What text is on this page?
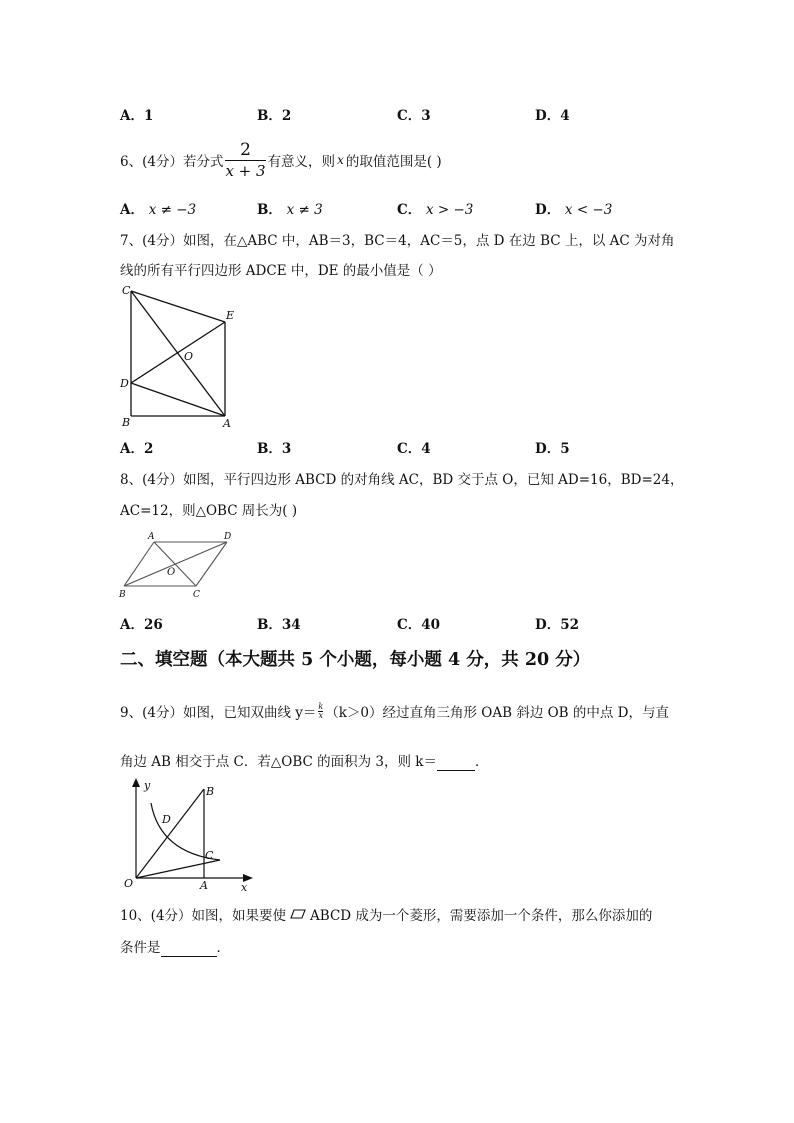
A．1	B．2	C．3	D．4
6、(4分）若分式 $\frac{2}{x + 3}$ 有意义，则 x 的取值范围是( )
A． x ≠ −3	B． x ≠ 3	C． x > −3	D． x < −3
7、(4分）如图，在△ABC 中，AB＝3，BC＝4，AC＝5，点 D 在边 BC 上，以 AC 为对角
线的所有平行四边形 ADCE 中，DE 的最小值是（ ）
C
E
O
D
B	A
A．2	B．3	C．4	D．5
8、(4分）如图，平行四边形 ABCD 的对角线 AC，BD 交于点 O，已知 AD=16，BD=24，
AC=12，则△OBC 周长为( )
A	D
O
B	C
A．26	B．34	C．40	D．52
二、填空题（本大题共 5 个小题，每小题 4 分，共 20 分）
9、(4分）如图，已知双曲线 $y= \frac{k}{x} (k>0)$经过直角三角形 OAB 斜边 OB 的中点 D，与直
角边 AB 相交于点 C．若△OBC 的面积为 3，则 k＝	．
y	B
D
C
O	A	x
10、(4分）如图，如果要使 ABCD 成为一个菱形，需要添加一个条件，那么你添加的
条件是	．
